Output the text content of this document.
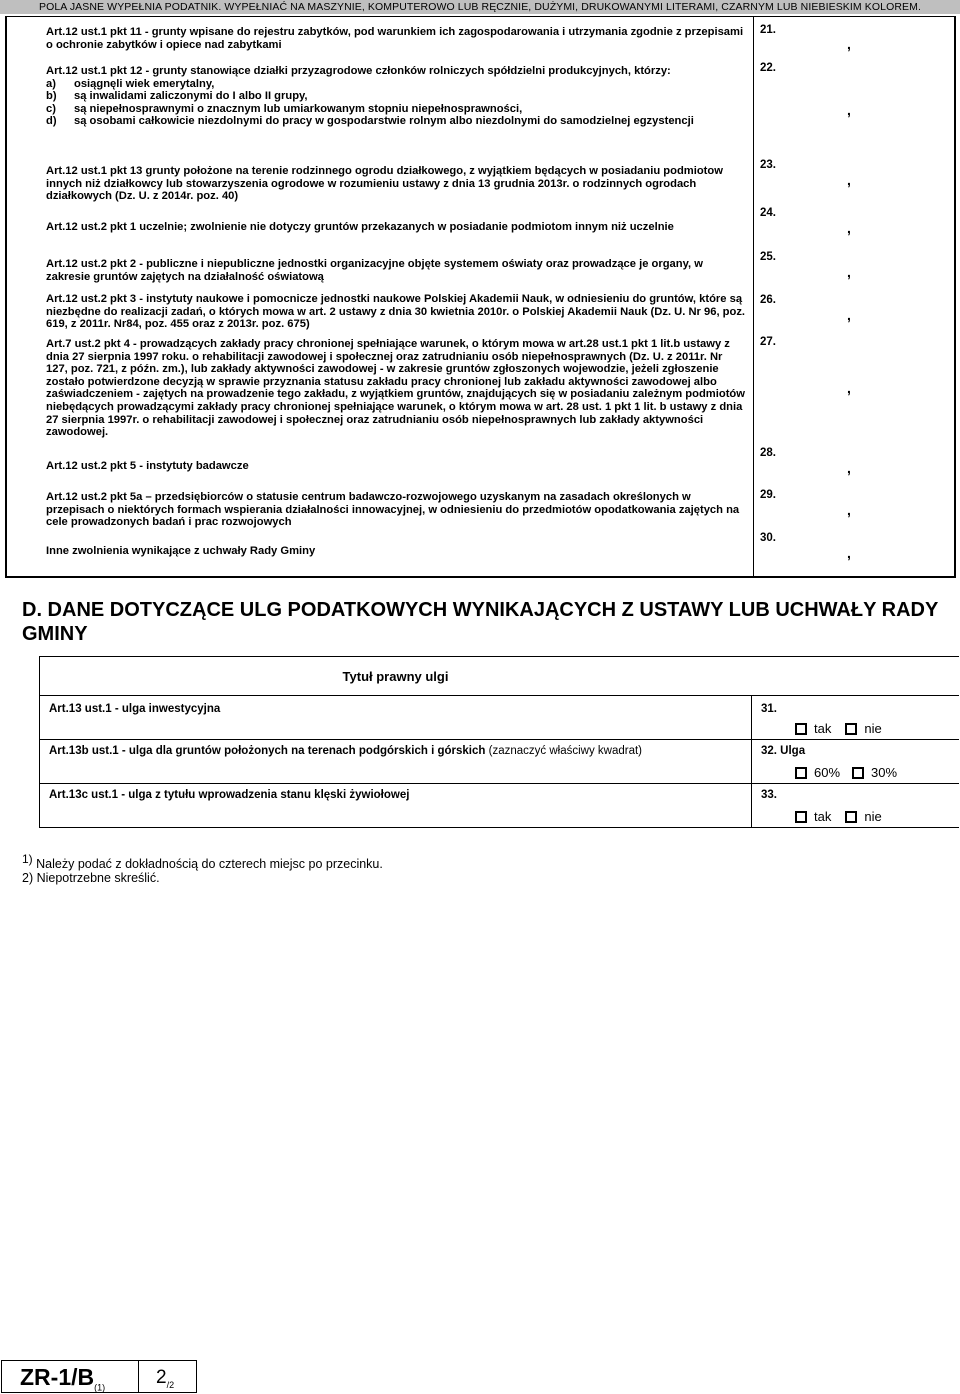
POLA JASNE WYPEŁNIA PODATNIK. WYPEŁNIAĆ NA MASZYNIE, KOMPUTEROWO LUB RĘCZNIE, DUŻYMI, DRUKOWANYMI LITERAMI, CZARNYM LUB NIEBIESKIM KOLOREM.
Art.12 ust.1 pkt 11 - grunty wpisane do rejestru zabytków, pod warunkiem ich zagospodarowania i utrzymania zgodnie z przepisami o ochronie zabytków i opiece nad zabytkami
21.
,
Art.12 ust.1 pkt 12 - grunty stanowiące działki przyzagrodowe członków rolniczych spółdzielni produkcyjnych, którzy:
a)	osiągnęli wiek emerytalny,
b)	są inwalidami zaliczonymi do I albo II grupy,
c)	są niepełnosprawnymi o znacznym lub umiarkowanym stopniu niepełnosprawności,
d)	są osobami całkowicie niezdolnymi do pracy w gospodarstwie rolnym albo niezdolnymi do samodzielnej egzystencji
22.
,
Art.12 ust.1 pkt 13 grunty położone na terenie rodzinnego ogrodu działkowego, z wyjątkiem będących w posiadaniu podmiotow innych niż działkowcy lub stowarzyszenia ogrodowe w rozumieniu ustawy z dnia 13 grudnia 2013r. o rodzinnych ogrodach działkowych (Dz. U. z 2014r. poz. 40)
23.
,
Art.12 ust.2 pkt 1 uczelnie; zwolnienie nie dotyczy gruntów przekazanych w posiadanie podmiotom innym niż uczelnie
24.
,
Art.12 ust.2 pkt 2 - publiczne i niepubliczne jednostki organizacyjne objęte systemem oświaty oraz prowadzące je organy, w zakresie gruntów zajętych na działalność oświatową
25.
,
Art.12 ust.2 pkt 3 - instytuty naukowe i pomocnicze jednostki naukowe Polskiej Akademii Nauk, w odniesieniu do gruntów, które są niezbędne do realizacji zadań, o których mowa w art. 2 ustawy z dnia 30 kwietnia 2010r. o Polskiej Akademii Nauk (Dz. U. Nr 96, poz. 619, z 2011r. Nr84, poz. 455 oraz z 2013r. poz. 675)
26.
,
Art.7 ust.2 pkt 4 - prowadzących zakłady pracy chronionej spełniające warunek, o którym mowa w art.28 ust.1 pkt 1 lit.b ustawy z dnia 27 sierpnia 1997 roku. o rehabilitacji zawodowej i społecznej oraz zatrudnianiu osób niepełnosprawnych (Dz. U. z 2011r. Nr 127, poz. 721, z późn. zm.), lub zakłady aktywności zawodowej - w zakresie gruntów zgłoszonych wojewodzie, jeżeli zgłoszenie zostało potwierdzone decyzją w sprawie przyznania statusu zakładu pracy chronionej lub zakładu aktywności zawodowej albo zaświadczeniem - zajętych na prowadzenie tego zakładu, z wyjątkiem gruntów, znajdujących się w posiadaniu zależnym podmiotów niebędących prowadzącymi zakłady pracy chronionej spełniające warunek, o którym mowa w art. 28 ust. 1 pkt 1 lit. b ustawy z dnia 27 sierpnia 1997r. o rehabilitacji zawodowej i społecznej oraz zatrudnianiu osób niepełnosprawnych lub zakłady aktywności zawodowej.
27.
,
Art.12 ust.2 pkt 5 - instytuty badawcze
28.
,
Art.12 ust.2 pkt 5a – przedsiębiorców o statusie centrum badawczo-rozwojowego uzyskanym na zasadach określonych w przepisach o niektórych formach wspierania działalności innowacyjnej, w odniesieniu do przedmiotów opodatkowania zajętych na cele prowadzonych badań i prac rozwojowych
29.
,
Inne zwolnienia wynikające z uchwały Rady Gminy
30.
,
D. DANE DOTYCZĄCE ULG PODATKOWYCH WYNIKAJĄCYCH Z USTAWY LUB UCHWAŁY RADY GMINY
Tytuł prawny ulgi
Art.13 ust.1 - ulga inwestycyjna	31.
tak	nie
Art.13b ust.1 - ulga dla gruntów położonych na terenach podgórskich i górskich (zaznaczyć właściwy kwadrat)	32. Ulga
60% 30%
Art.13c ust.1 - ulga z tytułu wprowadzenia stanu klęski żywiołowej	33.
tak	nie
$^{1)}$ Należy podać z dokładnością do czterech miejsc po przecinku.
2) Niepotrzebne skreślić.
$ZR-1/B_{(1)}$	$2_{/2}$
